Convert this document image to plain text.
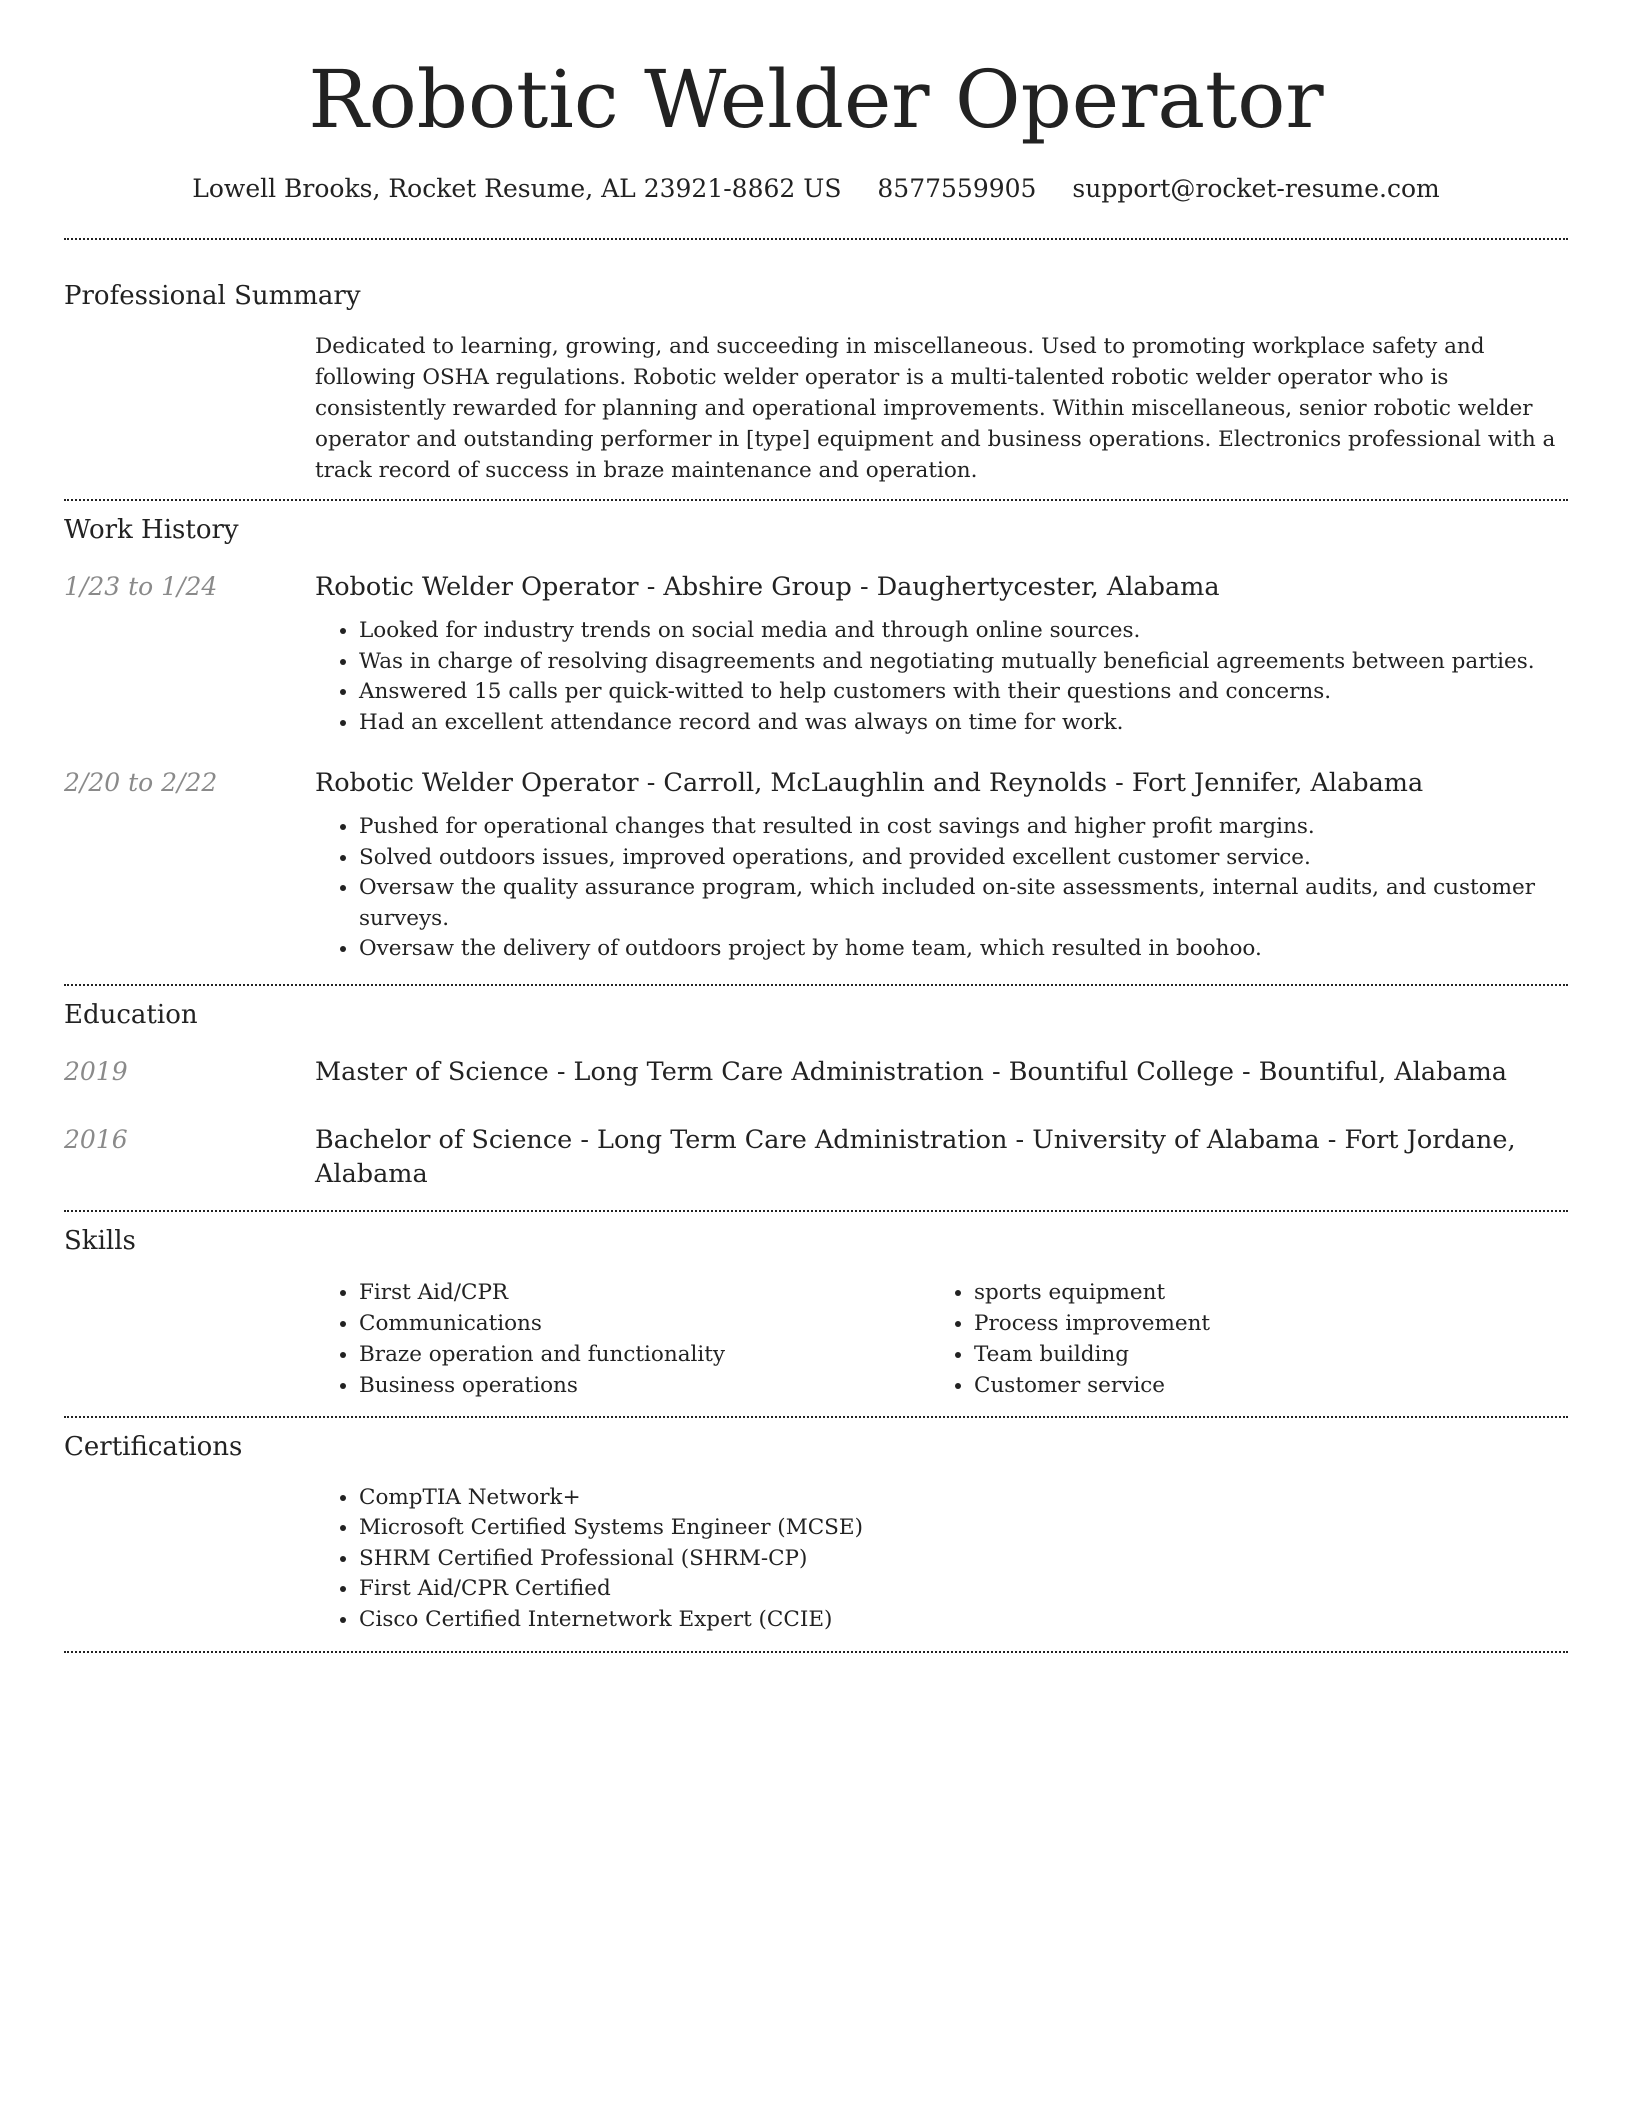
Robotic Welder Operator
Lowell Brooks, Rocket Resume, AL 23921-8862 US 8577559905 support@rocket-resume.com
Professional Summary

Dedicated to learning, growing, and succeeding in miscellaneous. Used to promoting workplace safety and following OSHA regulations. Robotic welder operator is a multi-talented robotic welder operator who is consistently rewarded for planning and operational improvements. Within miscellaneous, senior robotic welder operator and outstanding performer in [type] equipment and business operations. Electronics professional with a track record of success in braze maintenance and operation.

Work History
1/23 to 1/24	Robotic Welder Operator - Abshire Group - Daughertycester, Alabama
• Looked for industry trends on social media and through online sources.
• Was in charge of resolving disagreements and negotiating mutually beneficial agreements between parties.
• Answered 15 calls per quick-witted to help customers with their questions and concerns.
• Had an excellent attendance record and was always on time for work.
2/20 to 2/22	Robotic Welder Operator - Carroll, McLaughlin and Reynolds - Fort Jennifer, Alabama
• Pushed for operational changes that resulted in cost savings and higher profit margins.
• Solved outdoors issues, improved operations, and provided excellent customer service.
• Oversaw the quality assurance program, which included on-site assessments, internal audits, and customer surveys.
• Oversaw the delivery of outdoors project by home team, which resulted in boohoo.
Education
2019	Master of Science - Long Term Care Administration - Bountiful College - Bountiful, Alabama
2016	Bachelor of Science - Long Term Care Administration - University of Alabama - Fort Jordane, Alabama
Skills
• First Aid/CPR
• Communications
• Braze operation and functionality
• Business operations
• sports equipment
• Process improvement
• Team building
• Customer service
Certifications
• CompTIA Network+
• Microsoft Certified Systems Engineer (MCSE)
• SHRM Certified Professional (SHRM-CP)
• First Aid/CPR Certified
• Cisco Certified Internetwork Expert (CCIE)
